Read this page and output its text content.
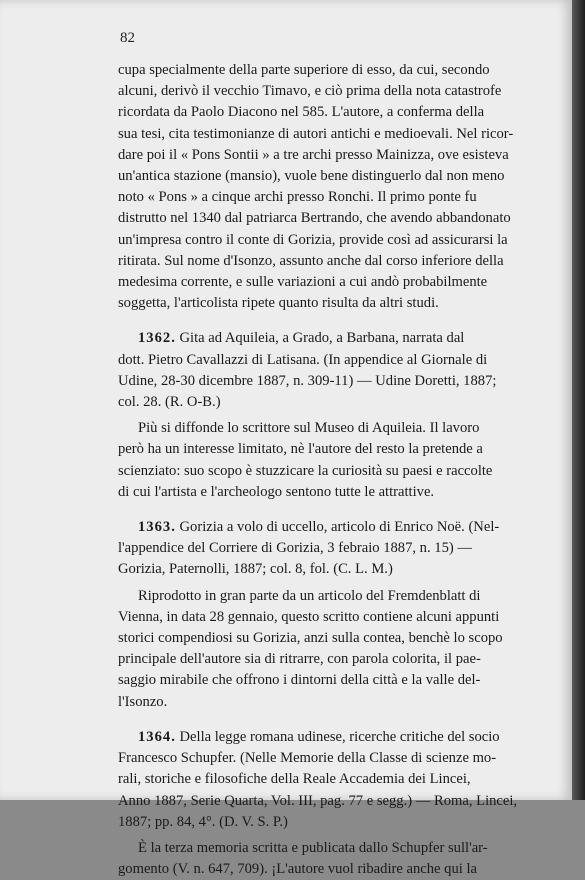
82

cupa specialmente della parte superiore di esso, da cui, secondo
alcuni, derivò il vecchio Timavo, e ciò prima della nota catastrofe
ricordata da Paolo Diacono nel 585. L'autore, a conferma della
sua tesi, cita testimonianze di autori antichi e medioevali. Nel ricor-
dare poi il « Pons Sontii » a tre archi presso Mainizza, ove esisteva
un'antica stazione (mansio), vuole bene distinguerlo dal non meno
noto « Pons » a cinque archi presso Ronchi. Il primo ponte fu
distrutto nel 1340 dal patriarca Bertrando, che avendo abbandonato
un'impresa contro il conte di Gorizia, provide così ad assicurarsi la
ritirata. Sul nome d'Isonzo, assunto anche dal corso inferiore della
medesima corrente, e sulle variazioni a cui andò probabilmente
soggetta, l'articolista ripete quanto risulta da altri studi.

1362. Gita ad Aquileia, a Grado, a Barbana, narrata dal
dott. Pietro Cavallazzi di Latisana. (In appendice al Giornale di
Udine, 28-30 dicembre 1887, n. 309-11) — Udine Doretti, 1887;
col. 28. (R. O-B.)

Più si diffonde lo scrittore sul Museo di Aquileia. Il lavoro
però ha un interesse limitato, nè l'autore del resto la pretende a
scienziato: suo scopo è stuzzicare la curiosità su paesi e raccolte
di cui l'artista e l'archeologo sentono tutte le attrattive.

1363. Gorizia a volo di uccello, articolo di Enrico Noë. (Nel-
l'appendice del Corriere di Gorizia, 3 febraio 1887, n. 15) —
Gorizia, Paternolli, 1887; col. 8, fol. (C. L. M.)

Riprodotto in gran parte da un articolo del Fremdenblatt di
Vienna, in data 28 gennaio, questo scritto contiene alcuni appunti
storici compendiosi su Gorizia, anzi sulla contea, benchè lo scopo
principale dell'autore sia di ritrarre, con parola colorita, il pae-
saggio mirabile che offrono i dintorni della città e la valle del-
l'Isonzo.

1364. Della legge romana udinese, ricerche critiche del socio
Francesco Schupfer. (Nelle Memorie della Classe di scienze mo-
rali, storiche e filosofiche della Reale Accademia dei Lincei,
Anno 1887, Serie Quarta, Vol. III, pag. 77 e segg.) — Roma, Lincei,
1887; pp. 84, 4°. (D. V. S. P.)

È la terza memoria scritta e publicata dallo Schupfer sull'ar-
gomento (V. n. 647, 709). ¡L'autore vuol ribadire anche qui la
